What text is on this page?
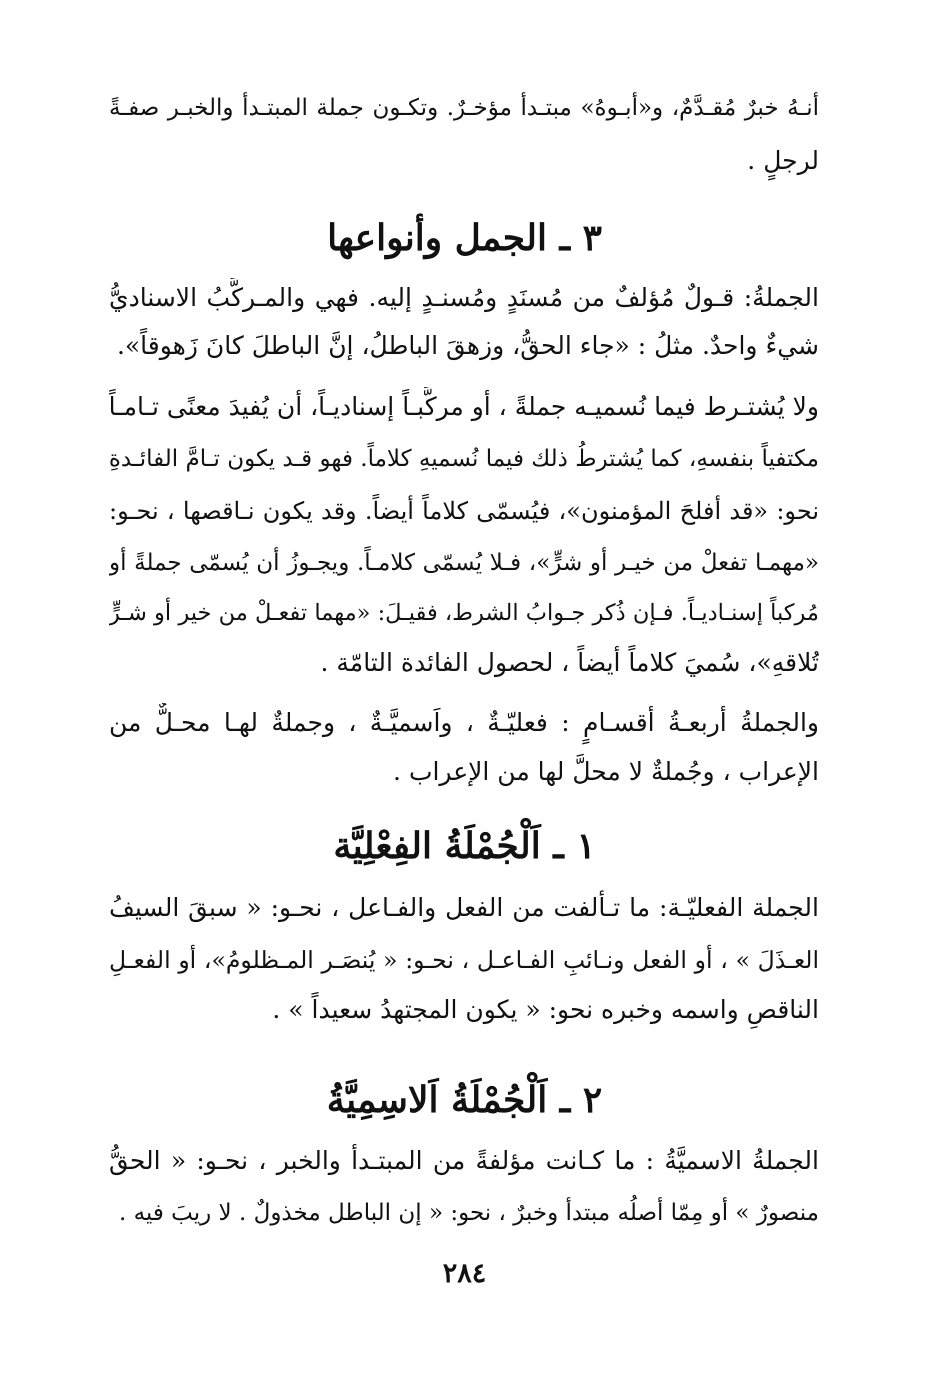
أنـهُ خبرٌ مُقـدَّمٌ، و«أبـوهُ» مبتـدأ مؤخـرٌ. وتكـون جملة المبتـدأ والخبـر صفـةً
لرجلٍ .
٣ ـ الجمل وأنواعها
الجملةُ: قـولٌ مُؤلفٌ من مُسنَدٍ ومُسنـدٍ إليه. فهي والمـركَّبُ الاسناديُّ
شيءٌ واحدٌ. مثلُ : «جاء الحقُّ، وزهقَ الباطلُ، إنَّ الباطلَ كانَ زَهوقاً».
ولا يُشتـرط فيما نُسميـه جملةً ، أو مركَّبـاً إسناديـاً، أن يُفيدَ معنًى تـامـاً
مكتفياً بنفسهِ، كما يُشترطُ ذلك فيما نُسميهِ كلاماً. فهو قـد يكون تـامَّ الفائـدةِ
نحو: «قد أفلحَ المؤمنون»، فيُسمّى كلاماً أيضاً. وقد يكون نـاقصها ، نحـو:
«مهمـا تفعلْ من خيـر أو شرٍّ»، فـلا يُسمّى كلامـاً. ويجـوزُ أن يُسمّى جملةً أو
مُركباً إسنـاديـاً. فـإن ذُكر جـوابُ الشرط، فقيـلَ: «مهما تفعـلْ من خير أو شـرٍّ
تُلاقهِ»، سُميَ كلاماً أيضاً ، لحصول الفائدة التامّة .
والجملةُ أربعـةُ أقسـامٍ : فعليّـةٌ ، واَسميَّـةٌ ، وجملةٌ لهـا محـلٌّ من
الإعراب ، وجُملةٌ لا محلَّ لها من الإعراب .
١ ـ اَلْجُمْلَةُ الفِعْلِيَّة
الجملة الفعليّـة: ما تـألفت من الفعل والفـاعل ، نحـو: « سبقَ السيفُ
العـذَلَ » ، أو الفعل ونـائبِ الفـاعـل ، نحـو: « يُنصَـر المـظلومُ»، أو الفعـلِ
الناقصِ واسمه وخبره نحو: « يكون المجتهدُ سعيداً » .
٢ ـ اَلْجُمْلَةُ اَلاسِمِيَّةُ
الجملةُ الاسميَّةُ : ما كـانت مؤلفةً من المبتـدأ والخبر ، نحـو: « الحقُّ
منصورٌ » أو مِمّا أصلُه مبتدأ وخبرٌ ، نحو: « إن الباطل مخذولٌ . لا ريبَ فيه .
٢٨٤
